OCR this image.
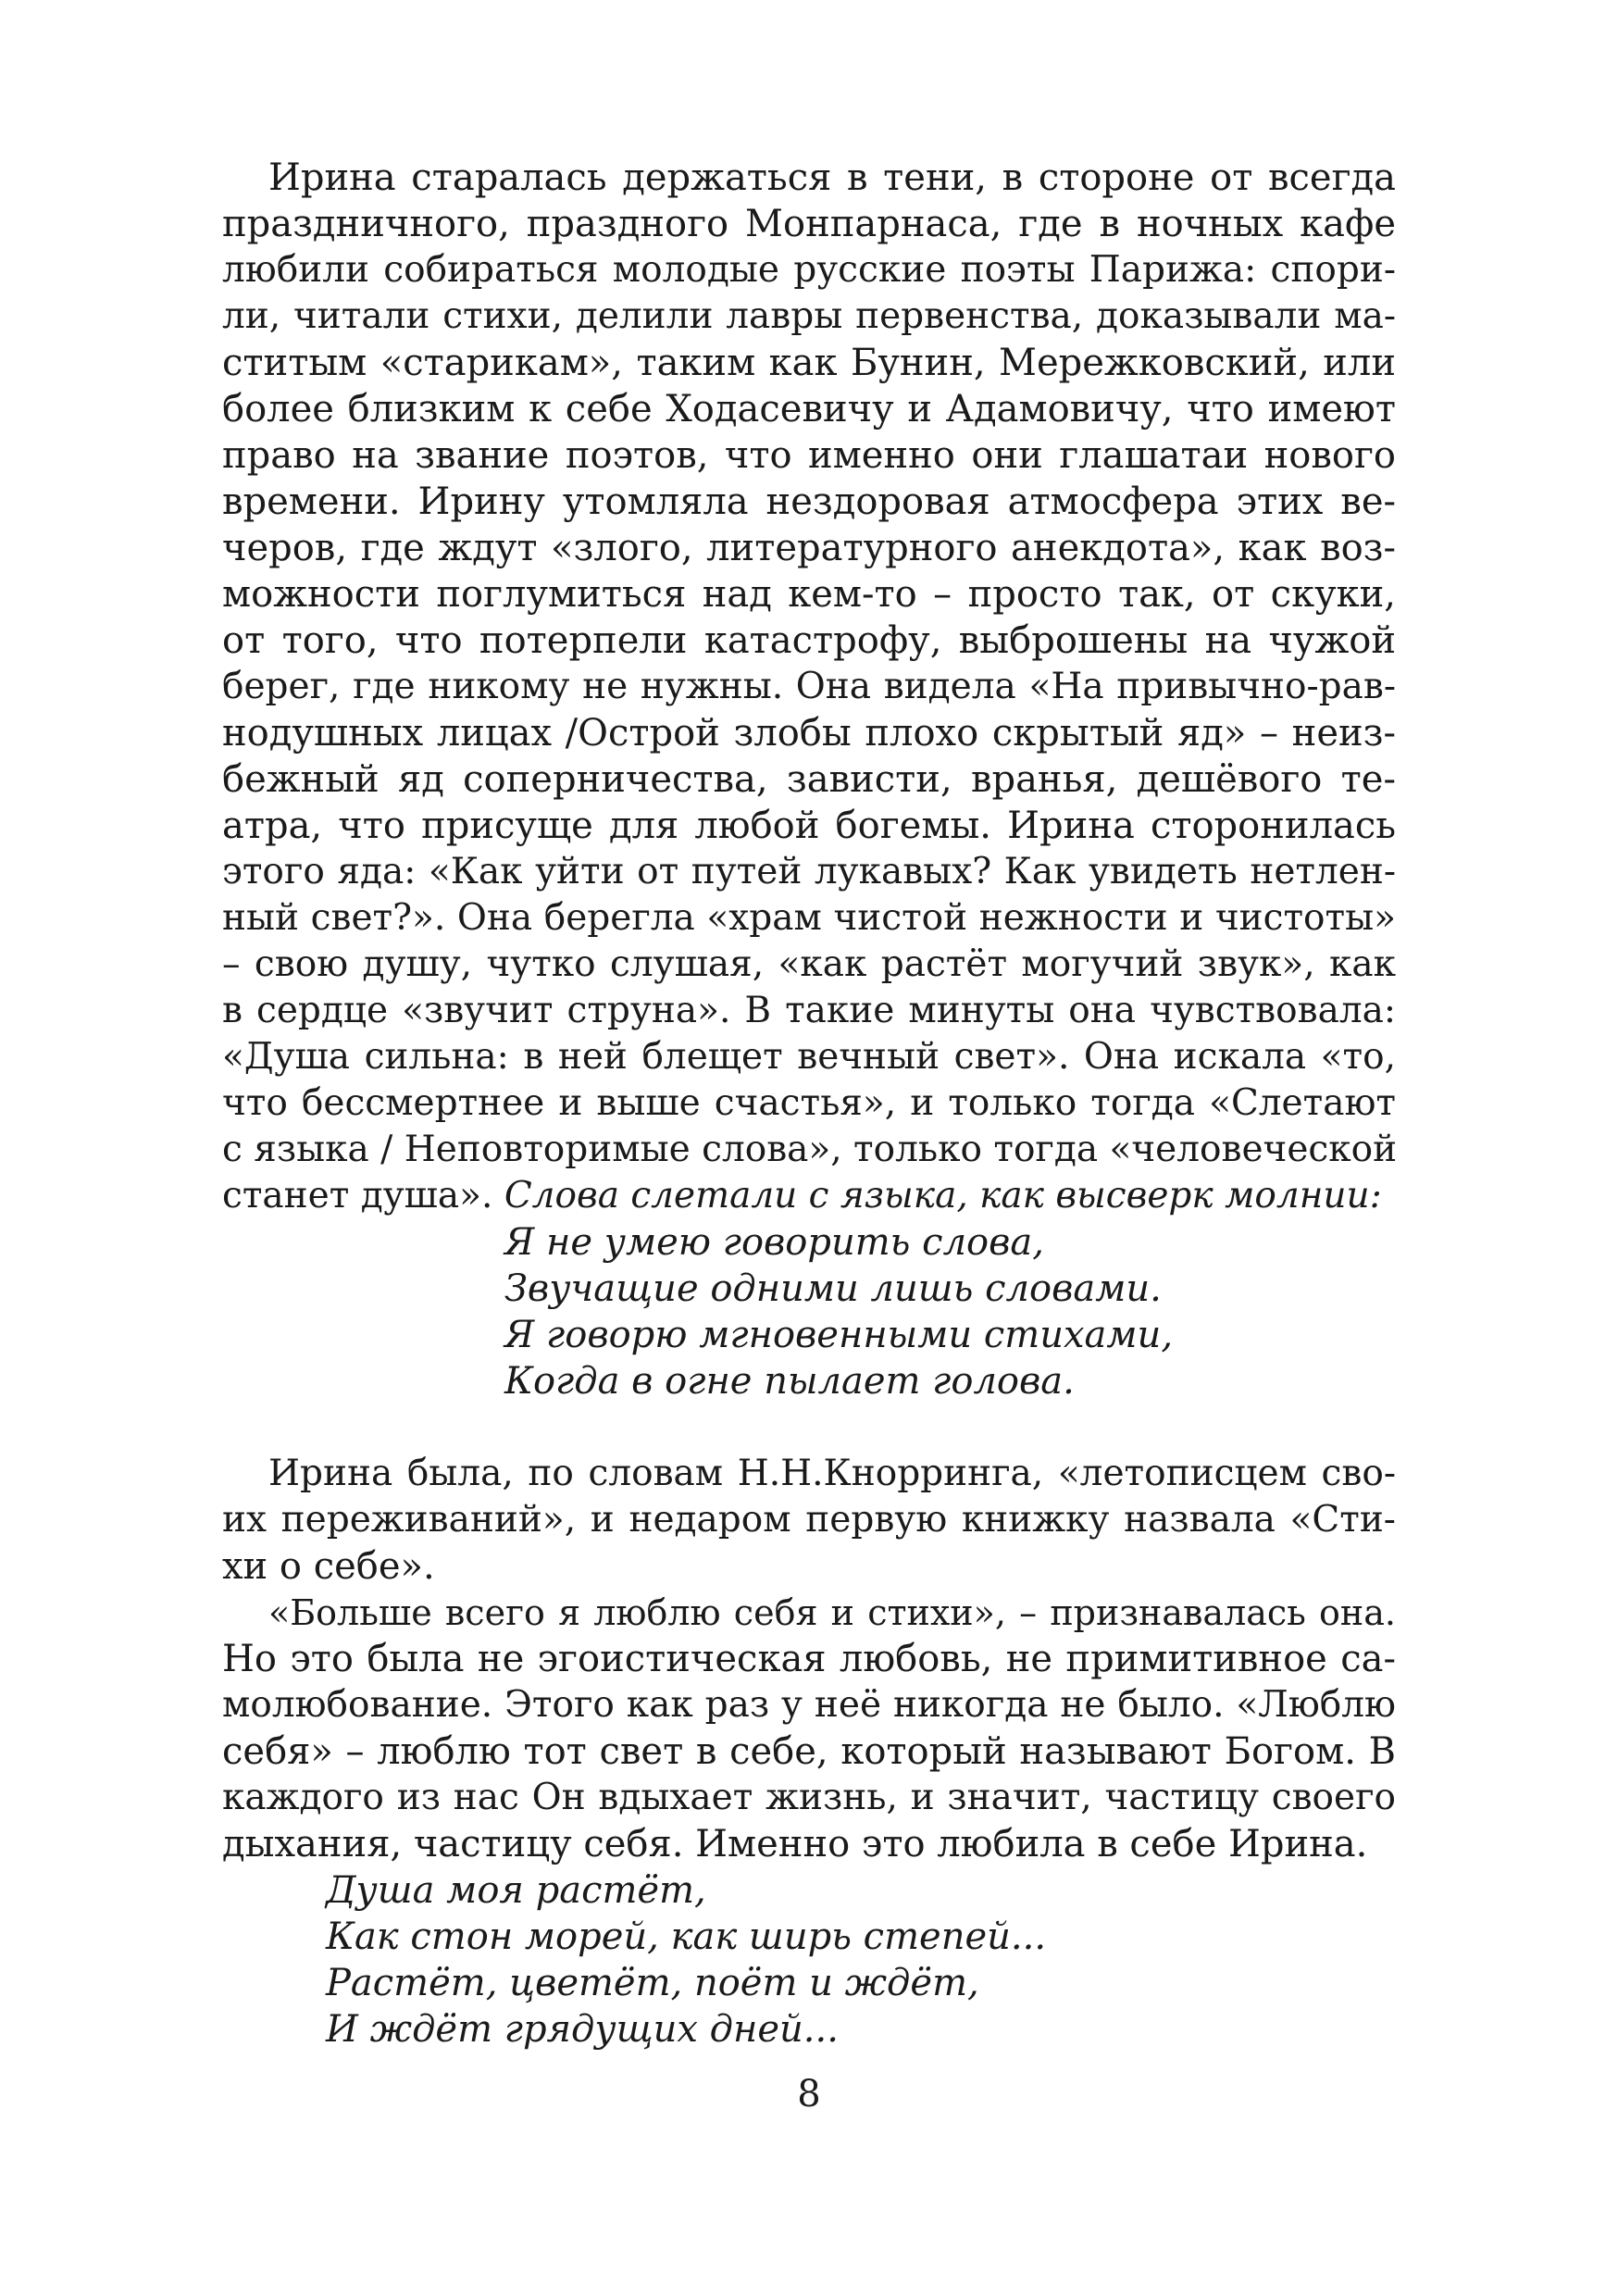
Ирина старалась держаться в тени, в стороне от всегда
праздничного, праздного Монпарнаса, где в ночных кафе
любили собираться молодые русские поэты Парижа: спори-
ли, читали стихи, делили лавры первенства, доказывали ма-
ститым «старикам», таким как Бунин, Мережковский, или
более близким к себе Ходасевичу и Адамовичу, что имеют
право на звание поэтов, что именно они глашатаи нового
времени. Ирину утомляла нездоровая атмосфера этих ве-
черов, где ждут «злого, литературного анекдота», как воз-
можности поглумиться над кем-то – просто так, от скуки,
от того, что потерпели катастрофу, выброшены на чужой
берег, где никому не нужны. Она видела «На привычно-рав-
нодушных лицах /Острой злобы плохо скрытый яд» – неиз-
бежный яд соперничества, зависти, вранья, дешёвого те-
атра, что присуще для любой богемы. Ирина сторонилась
этого яда: «Как уйти от путей лукавых? Как увидеть нетлен-
ный свет?». Она берегла «храм чистой нежности и чистоты»
– свою душу, чутко слушая, «как растёт могучий звук», как
в сердце «звучит струна». В такие минуты она чувствовала:
«Душа сильна: в ней блещет вечный свет». Она искала «то,
что бессмертнее и выше счастья», и только тогда «Слетают
с языка / Неповторимые слова», только тогда «человеческой
станет душа». Слова слетали с языка, как высверк молнии:
Я не умею говорить слова,
Звучащие одними лишь словами.
Я говорю мгновенными стихами,
Когда в огне пылает голова.
Ирина была, по словам Н.Н.Кнорринга, «летописцем сво-
их переживаний», и недаром первую книжку назвала «Сти-
хи о себе».
«Больше всего я люблю себя и стихи», – признавалась она.
Но это была не эгоистическая любовь, не примитивное са-
молюбование. Этого как раз у неё никогда не было. «Люблю
себя» – люблю тот свет в себе, который называют Богом. В
каждого из нас Он вдыхает жизнь, и значит, частицу своего
дыхания, частицу себя. Именно это любила в себе Ирина.
Душа моя растёт,
Как стон морей, как ширь степей...
Растёт, цветёт, поёт и ждёт,
И ждёт грядущих дней...
8
